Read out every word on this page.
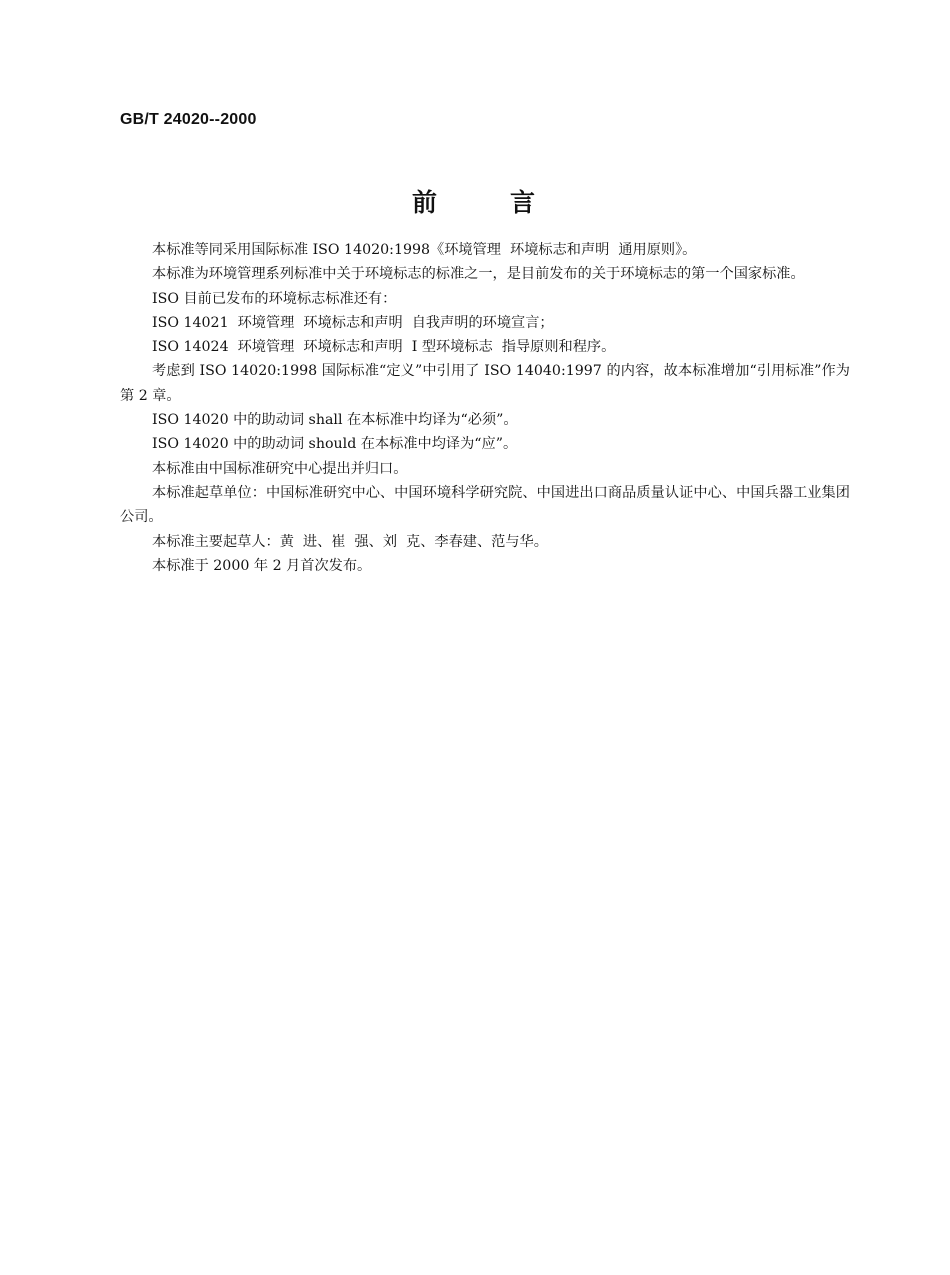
GB/T 24020--2000
前	言

本标准等同采用国际标准 ISO 14020:1998《环境管理  环境标志和声明  通用原则》。

本标准为环境管理系列标准中关于环境标志的标准之一，是目前发布的关于环境标志的第一个国家标准。

ISO 目前已发布的环境标志标准还有：

ISO 14021  环境管理  环境标志和声明  自我声明的环境宣言；

ISO 14024  环境管理  环境标志和声明  I 型环境标志  指导原则和程序。

考虑到 ISO 14020:1998 国际标准“定义”中引用了 ISO 14040:1997 的内容，故本标准增加“引用标准”作为第 2 章。

ISO 14020 中的助动词 shall 在本标准中均译为“必须”。

ISO 14020 中的助动词 should 在本标准中均译为“应”。

本标准由中国标准研究中心提出并归口。

本标准起草单位：中国标准研究中心、中国环境科学研究院、中国进出口商品质量认证中心、中国兵器工业集团公司。

本标准主要起草人：黄  进、崔  强、刘  克、李春建、范与华。

本标准于 2000 年 2 月首次发布。
